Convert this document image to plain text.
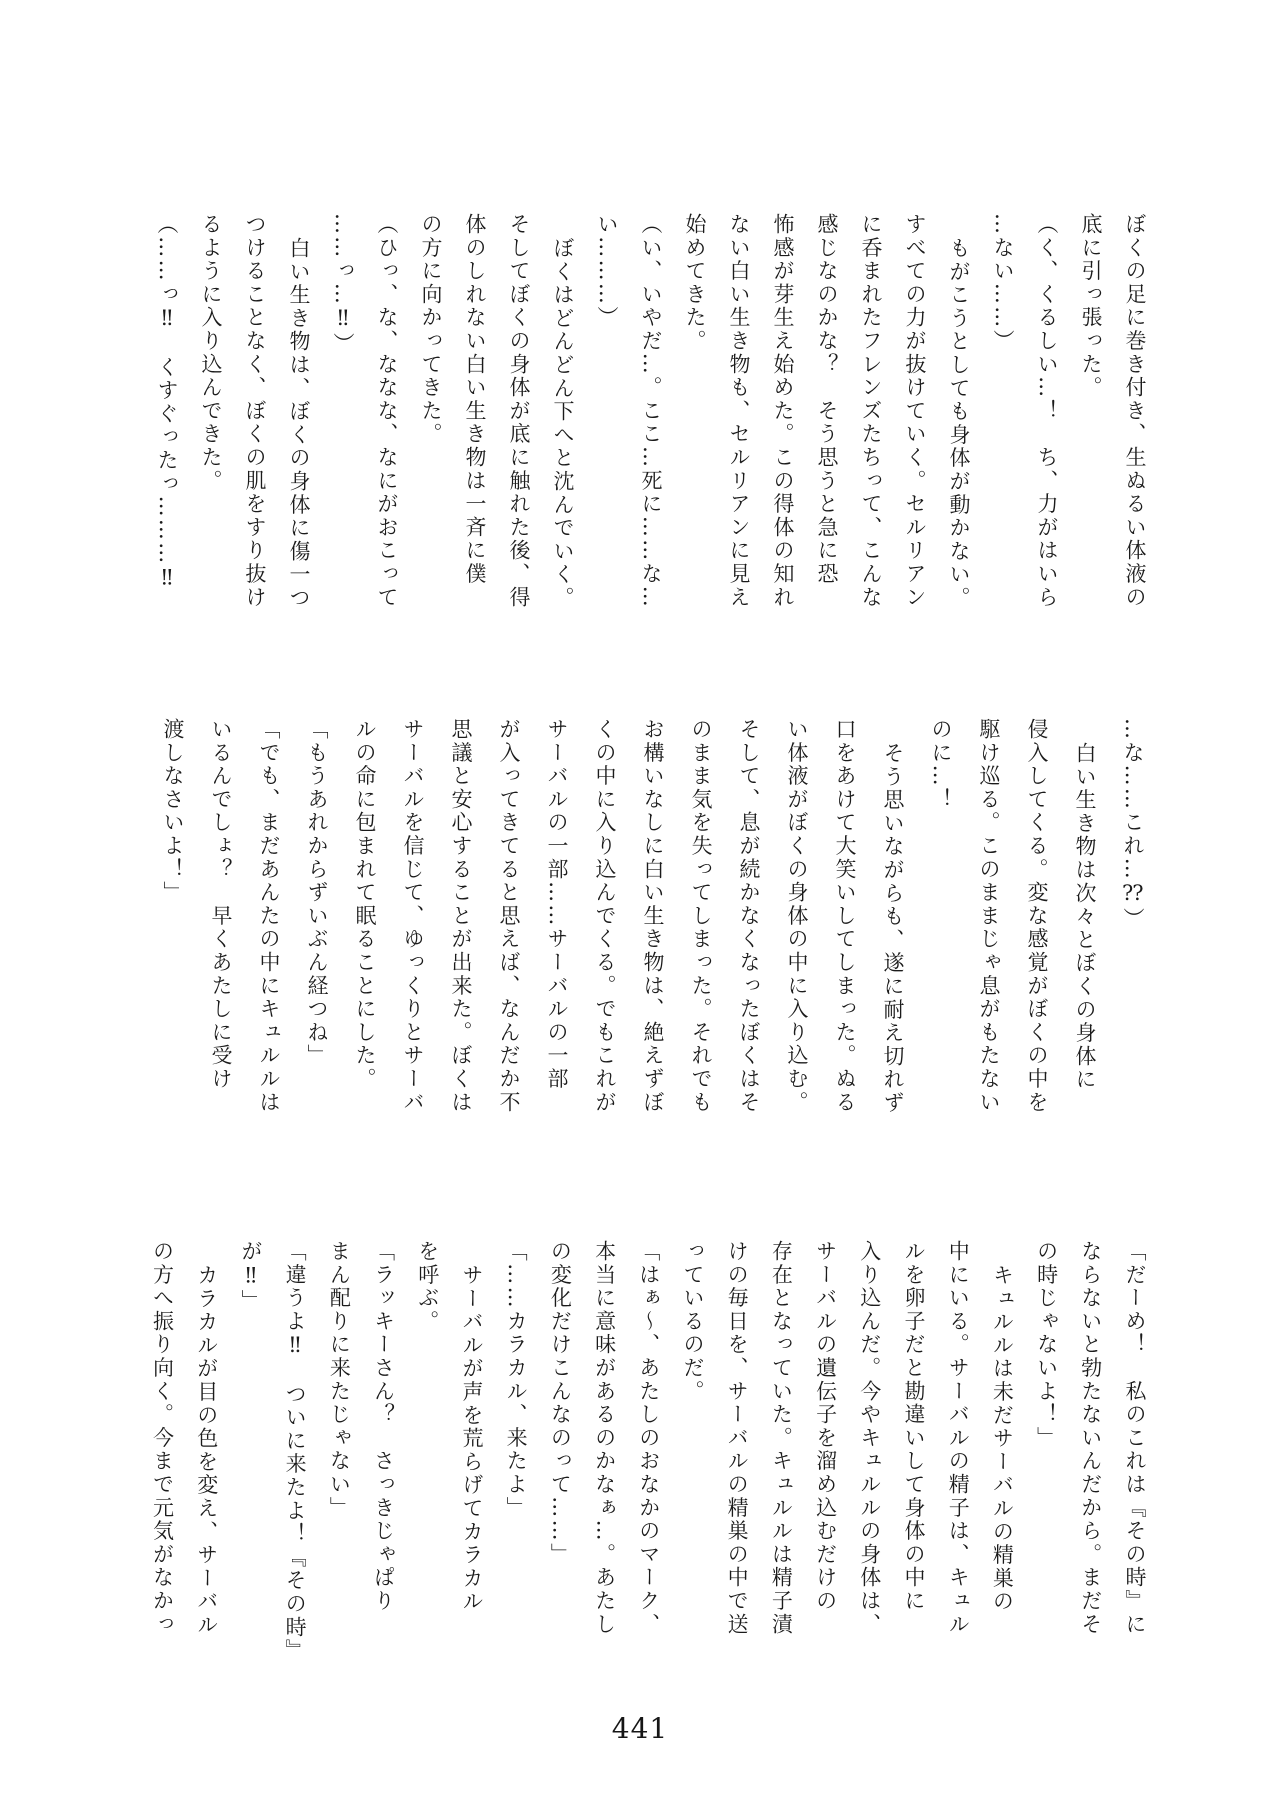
ぼくの足に巻き付き、生ぬるい体液の
底に引っ張った。
（く、くるしい…！　ち、力がはいら
…ない……）
もがこうとしても身体が動かない。
すべての力が抜けていく。セルリアン
に呑まれたフレンズたちって、こんな
感じなのかな？　そう思うと急に恐
怖感が芽生え始めた。この得体の知れ
ない白い生き物も、セルリアンに見え
始めてきた。
（い、いやだ…。ここ…死に……な…
い………）
ぼくはどんどん下へと沈んでいく。
そしてぼくの身体が底に触れた後、得
体のしれない白い生き物は一斉に僕
の方に向かってきた。
（ひっ、な、ななな、なにがおこって
……っ…‼）
白い生き物は、ぼくの身体に傷一つ
つけることなく、ぼくの肌をすり抜け
るように入り込んできた。
（……っ‼　くすぐったっ………‼
…な……これ…⁇）
白い生き物は次々とぼくの身体に
侵入してくる。変な感覚がぼくの中を
駆け巡る。このままじゃ息がもたない
のに…！
そう思いながらも、遂に耐え切れず
口をあけて大笑いしてしまった。ぬる
い体液がぼくの身体の中に入り込む。
そして、息が続かなくなったぼくはそ
のまま気を失ってしまった。それでも
お構いなしに白い生き物は、絶えずぼ
くの中に入り込んでくる。でもこれが
サーバルの一部……サーバルの一部
が入ってきてると思えば、なんだか不
思議と安心することが出来た。ぼくは
サーバルを信じて、ゆっくりとサーバ
ルの命に包まれて眠ることにした。
「もうあれからずいぶん経つね」
「でも、まだあんたの中にキュルルは
いるんでしょ？　早くあたしに受け
渡しなさいよ！」
「だーめ！　私のこれは『その時』に
ならないと勃たないんだから。まだそ
の時じゃないよ！」
キュルルは未だサーバルの精巣の
中にいる。サーバルの精子は、キュル
ルを卵子だと勘違いして身体の中に
入り込んだ。今やキュルルの身体は、
サーバルの遺伝子を溜め込むだけの
存在となっていた。キュルルは精子漬
けの毎日を、サーバルの精巣の中で送
っているのだ。
「はぁ〜、あたしのおなかのマーク、
本当に意味があるのかなぁ…。あたし
の変化だけこんなのって……」
「……カラカル、来たよ」
サーバルが声を荒らげてカラカル
を呼ぶ。
「ラッキーさん？　さっきじゃぱり
まん配りに来たじゃない」
「違うよ‼　ついに来たよ！『その時』
が‼」
カラカルが目の色を変え、サーバル
の方へ振り向く。今まで元気がなかっ
441
